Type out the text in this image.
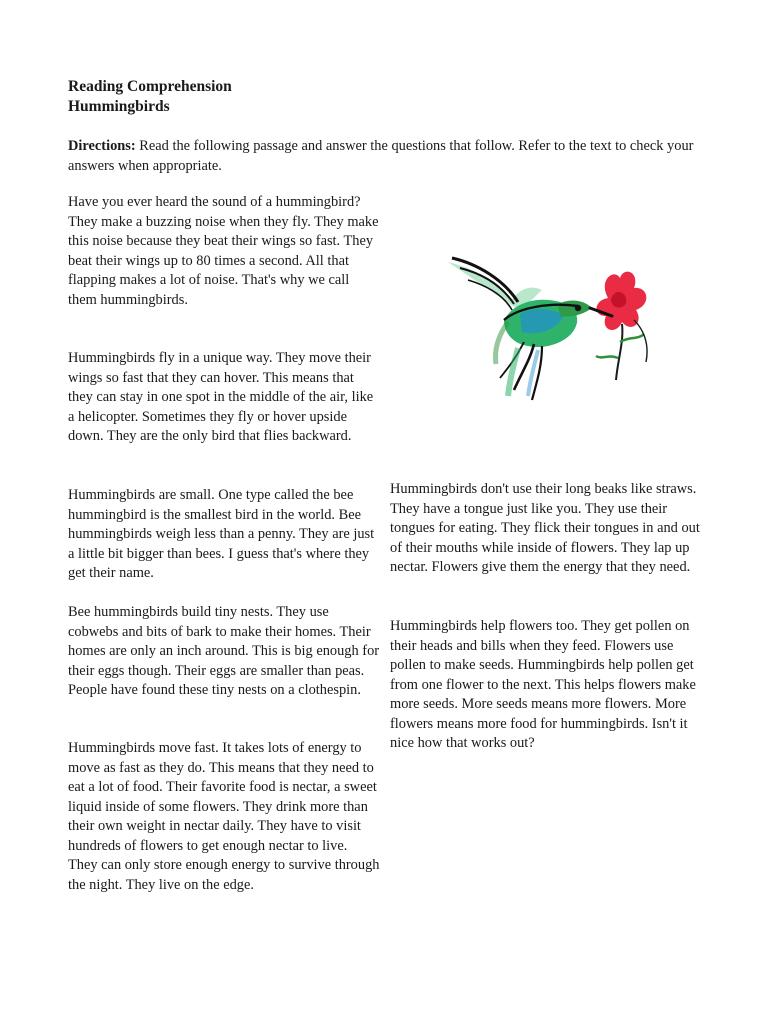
Reading Comprehension
Hummingbirds

Directions: Read the following passage and answer the questions that follow. Refer to the text to check your answers when appropriate.

Have you ever heard the sound of a hummingbird? They make a buzzing noise when they fly. They make this noise because they beat their wings so fast. They beat their wings up to 80 times a second. All that flapping makes a lot of noise. That's why we call them hummingbirds.

Hummingbirds fly in a unique way. They move their wings so fast that they can hover. This means that they can stay in one spot in the middle of the air, like a helicopter. Sometimes they fly or hover upside down. They are the only bird that flies backward.

Hummingbirds are small. One type called the bee hummingbird is the smallest bird in the world. Bee hummingbirds weigh less than a penny. They are just a little bit bigger than bees. I guess that's where they get their name.

Bee hummingbirds build tiny nests. They use cobwebs and bits of bark to make their homes. Their homes are only an inch around. This is big enough for their eggs though. Their eggs are smaller than peas. People have found these tiny nests on a clothespin.

Hummingbirds move fast. It takes lots of energy to move as fast as they do. This means that they need to eat a lot of food. Their favorite food is nectar, a sweet liquid inside of some flowers. They drink more than their own weight in nectar daily. They have to visit hundreds of flowers to get enough nectar to live. They can only store enough energy to survive through the night. They live on the edge.

Hummingbirds don't use their long beaks like straws. They have a tongue just like you. They use their tongues for eating. They flick their tongues in and out of their mouths while inside of flowers. They lap up nectar. Flowers give them the energy that they need.

Hummingbirds help flowers too. They get pollen on their heads and bills when they feed. Flowers use pollen to make seeds. Hummingbirds help pollen get from one flower to the next. This helps flowers make more seeds. More seeds means more flowers. More flowers means more food for hummingbirds. Isn't it nice how that works out?
